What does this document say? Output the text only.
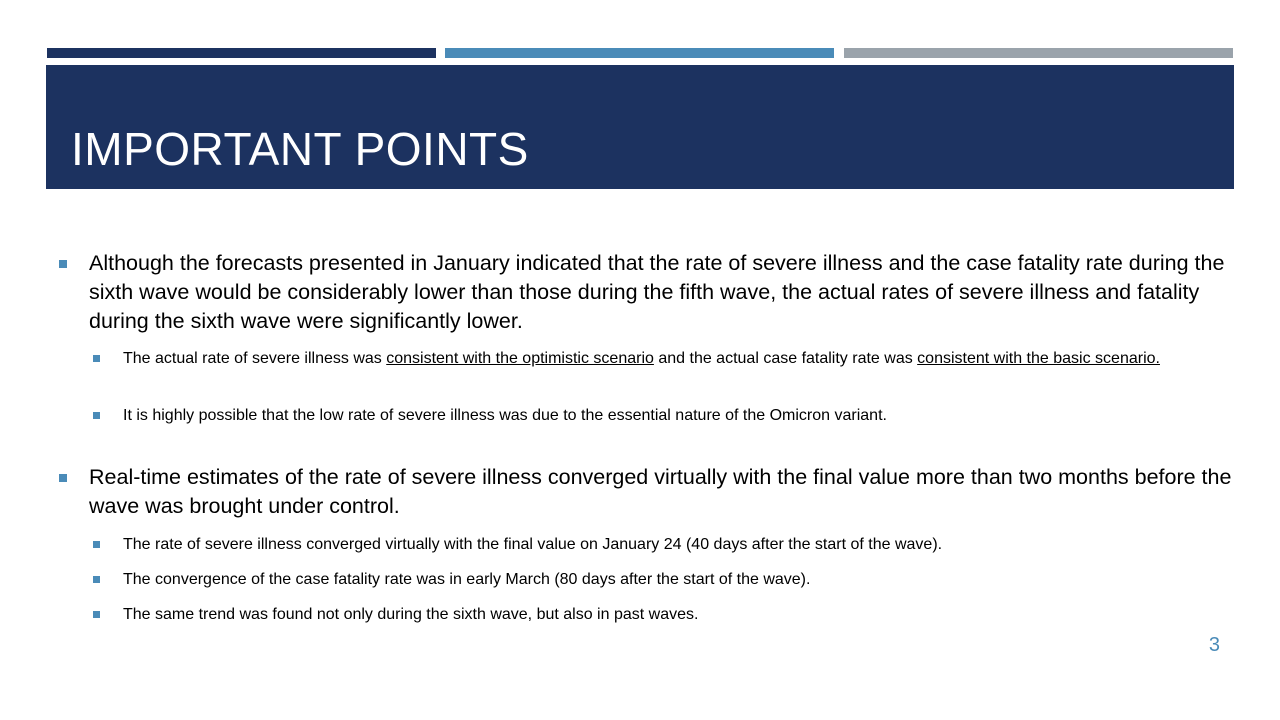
IMPORTANT POINTS
Although the forecasts presented in January indicated that the rate of severe illness and the case fatality rate during the sixth wave would be considerably lower than those during the fifth wave, the actual rates of severe illness and fatality during the sixth wave were significantly lower.
The actual rate of severe illness was consistent with the optimistic scenario and the actual case fatality rate was consistent with the basic scenario.
It is highly possible that the low rate of severe illness was due to the essential nature of the Omicron variant.
Real-time estimates of the rate of severe illness converged virtually with the final value more than two months before the wave was brought under control.
The rate of severe illness converged virtually with the final value on January 24 (40 days after the start of the wave).
The convergence of the case fatality rate was in early March (80 days after the start of the wave).
The same trend was found not only during the sixth wave, but also in past waves.
3
